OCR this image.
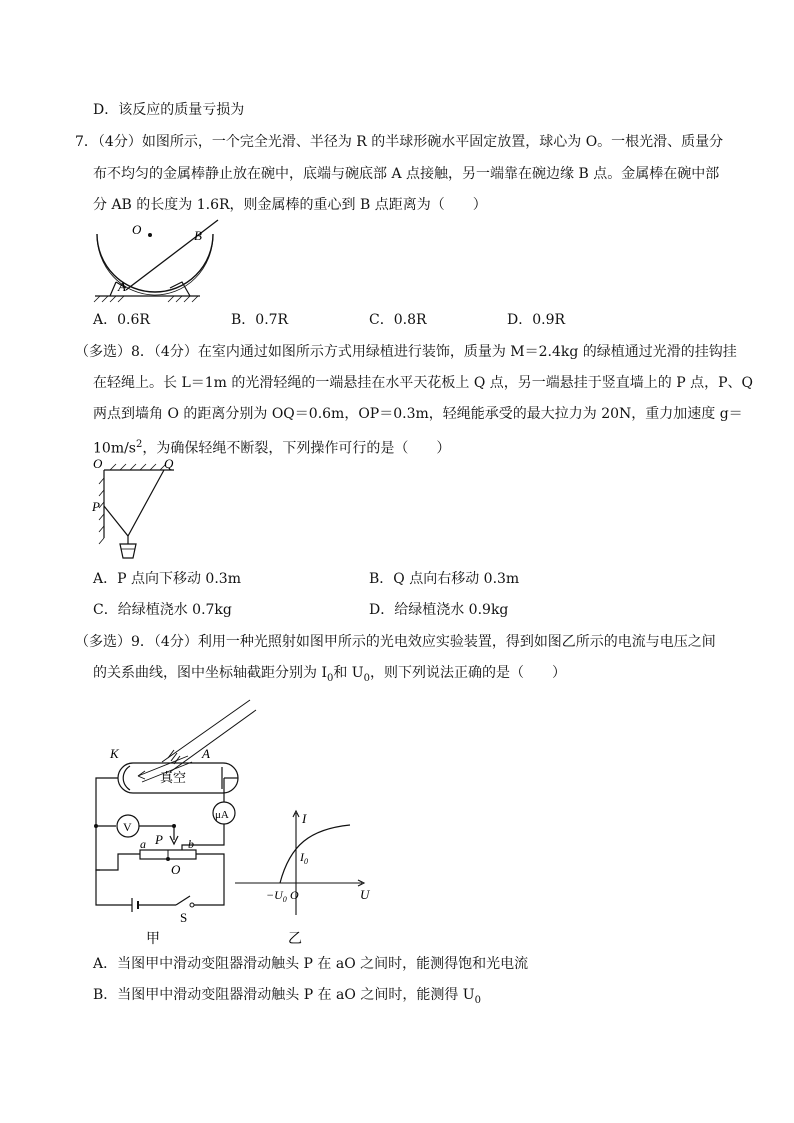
D．该反应的质量亏损为
7．（4分）如图所示，一个完全光滑、半径为 R 的半球形碗水平固定放置，球心为 O。一根光滑、质量分
布不均匀的金属棒静止放在碗中，底端与碗底部 A 点接触，另一端靠在碗边缘 B 点。金属棒在碗中部
分 AB 的长度为 1.6R，则金属棒的重心到 B 点距离为（　　）
O
A
B
A．0.6R	B．0.7R	C．0.8R	D．0.9R
（多选）8．（4分）在室内通过如图所示方式用绿植进行装饰，质量为 M＝2.4kg 的绿植通过光滑的挂钩挂
在轻绳上。长 L＝1m 的光滑轻绳的一端悬挂在水平天花板上 Q 点，另一端悬挂于竖直墙上的 P 点，P、Q
两点到墙角 O 的距离分别为 OQ＝0.6m，OP＝0.3m，轻绳能承受的最大拉力为 20N，重力加速度 g＝
$10m/s^2$，为确保轻绳不断裂，下列操作可行的是（　　）
O	Q
P
A．P 点向下移动 0.3m	B．Q 点向右移动 0.3m
C．给绿植浇水 0.7kg	D．给绿植浇水 0.9kg
（多选）9．（4分）利用一种光照射如图甲所示的光电效应实验装置，得到如图乙所示的电流与电压之间
的关系曲线，图中坐标轴截距分别为 $I_0$和 $U_0$，则下列说法正确的是（　　）
K	A
真空
μA
V
P
a	b
O
S
甲
I
$I_0$
$-U_0$ O	U
乙
A．当图甲中滑动变阻器滑动触头 P 在 aO 之间时，能测得饱和光电流
B．当图甲中滑动变阻器滑动触头 P 在 aO 之间时，能测得 $U_0$
